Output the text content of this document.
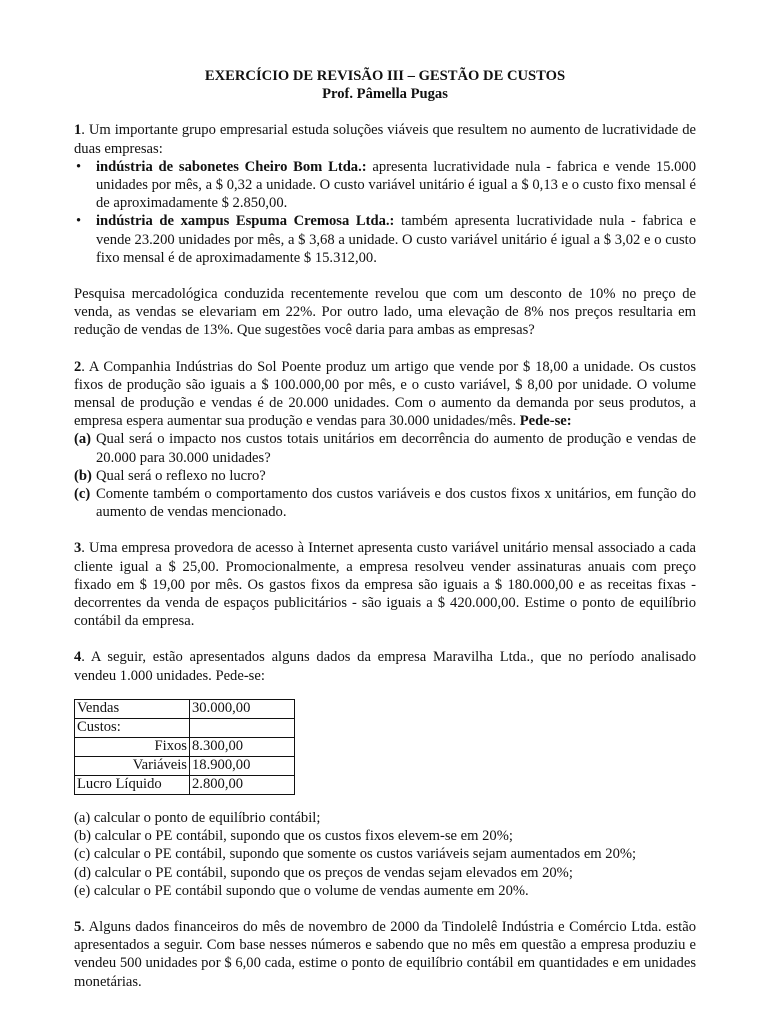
EXERCÍCIO DE REVISÃO III – GESTÃO DE CUSTOS

Prof. Pâmella Pugas

1. Um importante grupo empresarial estuda soluções viáveis que resultem no aumento de lucratividade de duas empresas:

• indústria de sabonetes Cheiro Bom Ltda.: apresenta lucratividade nula - fabrica e vende 15.000 unidades por mês, a $ 0,32 a unidade. O custo variável unitário é igual a $ 0,13 e o custo fixo mensal é de aproximadamente $ 2.850,00.
• indústria de xampus Espuma Cremosa Ltda.: também apresenta lucratividade nula - fabrica e vende 23.200 unidades por mês, a $ 3,68 a unidade. O custo variável unitário é igual a $ 3,02 e o custo fixo mensal é de aproximadamente $ 15.312,00.

Pesquisa mercadológica conduzida recentemente revelou que com um desconto de 10% no preço de venda, as vendas se elevariam em 22%. Por outro lado, uma elevação de 8% nos preços resultaria em redução de vendas de 13%. Que sugestões você daria para ambas as empresas?

2. A Companhia Indústrias do Sol Poente produz um artigo que vende por $ 18,00 a unidade. Os custos fixos de produção são iguais a $ 100.000,00 por mês, e o custo variável, $ 8,00 por unidade. O volume mensal de produção e vendas é de 20.000 unidades. Com o aumento da demanda por seus produtos, a empresa espera aumentar sua produção e vendas para 30.000 unidades/mês. Pede-se:

(a) Qual será o impacto nos custos totais unitários em decorrência do aumento de produção e vendas de 20.000 para 30.000 unidades?
(b) Qual será o reflexo no lucro?
(c) Comente também o comportamento dos custos variáveis e dos custos fixos x unitários, em função do aumento de vendas mencionado.

3. Uma empresa provedora de acesso à Internet apresenta custo variável unitário mensal associado a cada cliente igual a $ 25,00. Promocionalmente, a empresa resolveu vender assinaturas anuais com preço fixado em $ 19,00 por mês. Os gastos fixos da empresa são iguais a $ 180.000,00 e as receitas fixas - decorrentes da venda de espaços publicitários - são iguais a $ 420.000,00. Estime o ponto de equilíbrio contábil da empresa.

4. A seguir, estão apresentados alguns dados da empresa Maravilha Ltda., que no período analisado vendeu 1.000 unidades. Pede-se:

Vendas	30.000,00
Custos:	
Fixos	8.300,00
Variáveis	18.900,00
Lucro Líquido	2.800,00
(a) calcular o ponto de equilíbrio contábil;
(b) calcular o PE contábil, supondo que os custos fixos elevem-se em 20%;
(c) calcular o PE contábil, supondo que somente os custos variáveis sejam aumentados em 20%;
(d) calcular o PE contábil, supondo que os preços de vendas sejam elevados em 20%;
(e) calcular o PE contábil supondo que o volume de vendas aumente em 20%.

5. Alguns dados financeiros do mês de novembro de 2000 da Tindolelê Indústria e Comércio Ltda. estão apresentados a seguir. Com base nesses números e sabendo que no mês em questão a empresa produziu e vendeu 500 unidades por $ 6,00 cada, estime o ponto de equilíbrio contábil em quantidades e em unidades monetárias.
